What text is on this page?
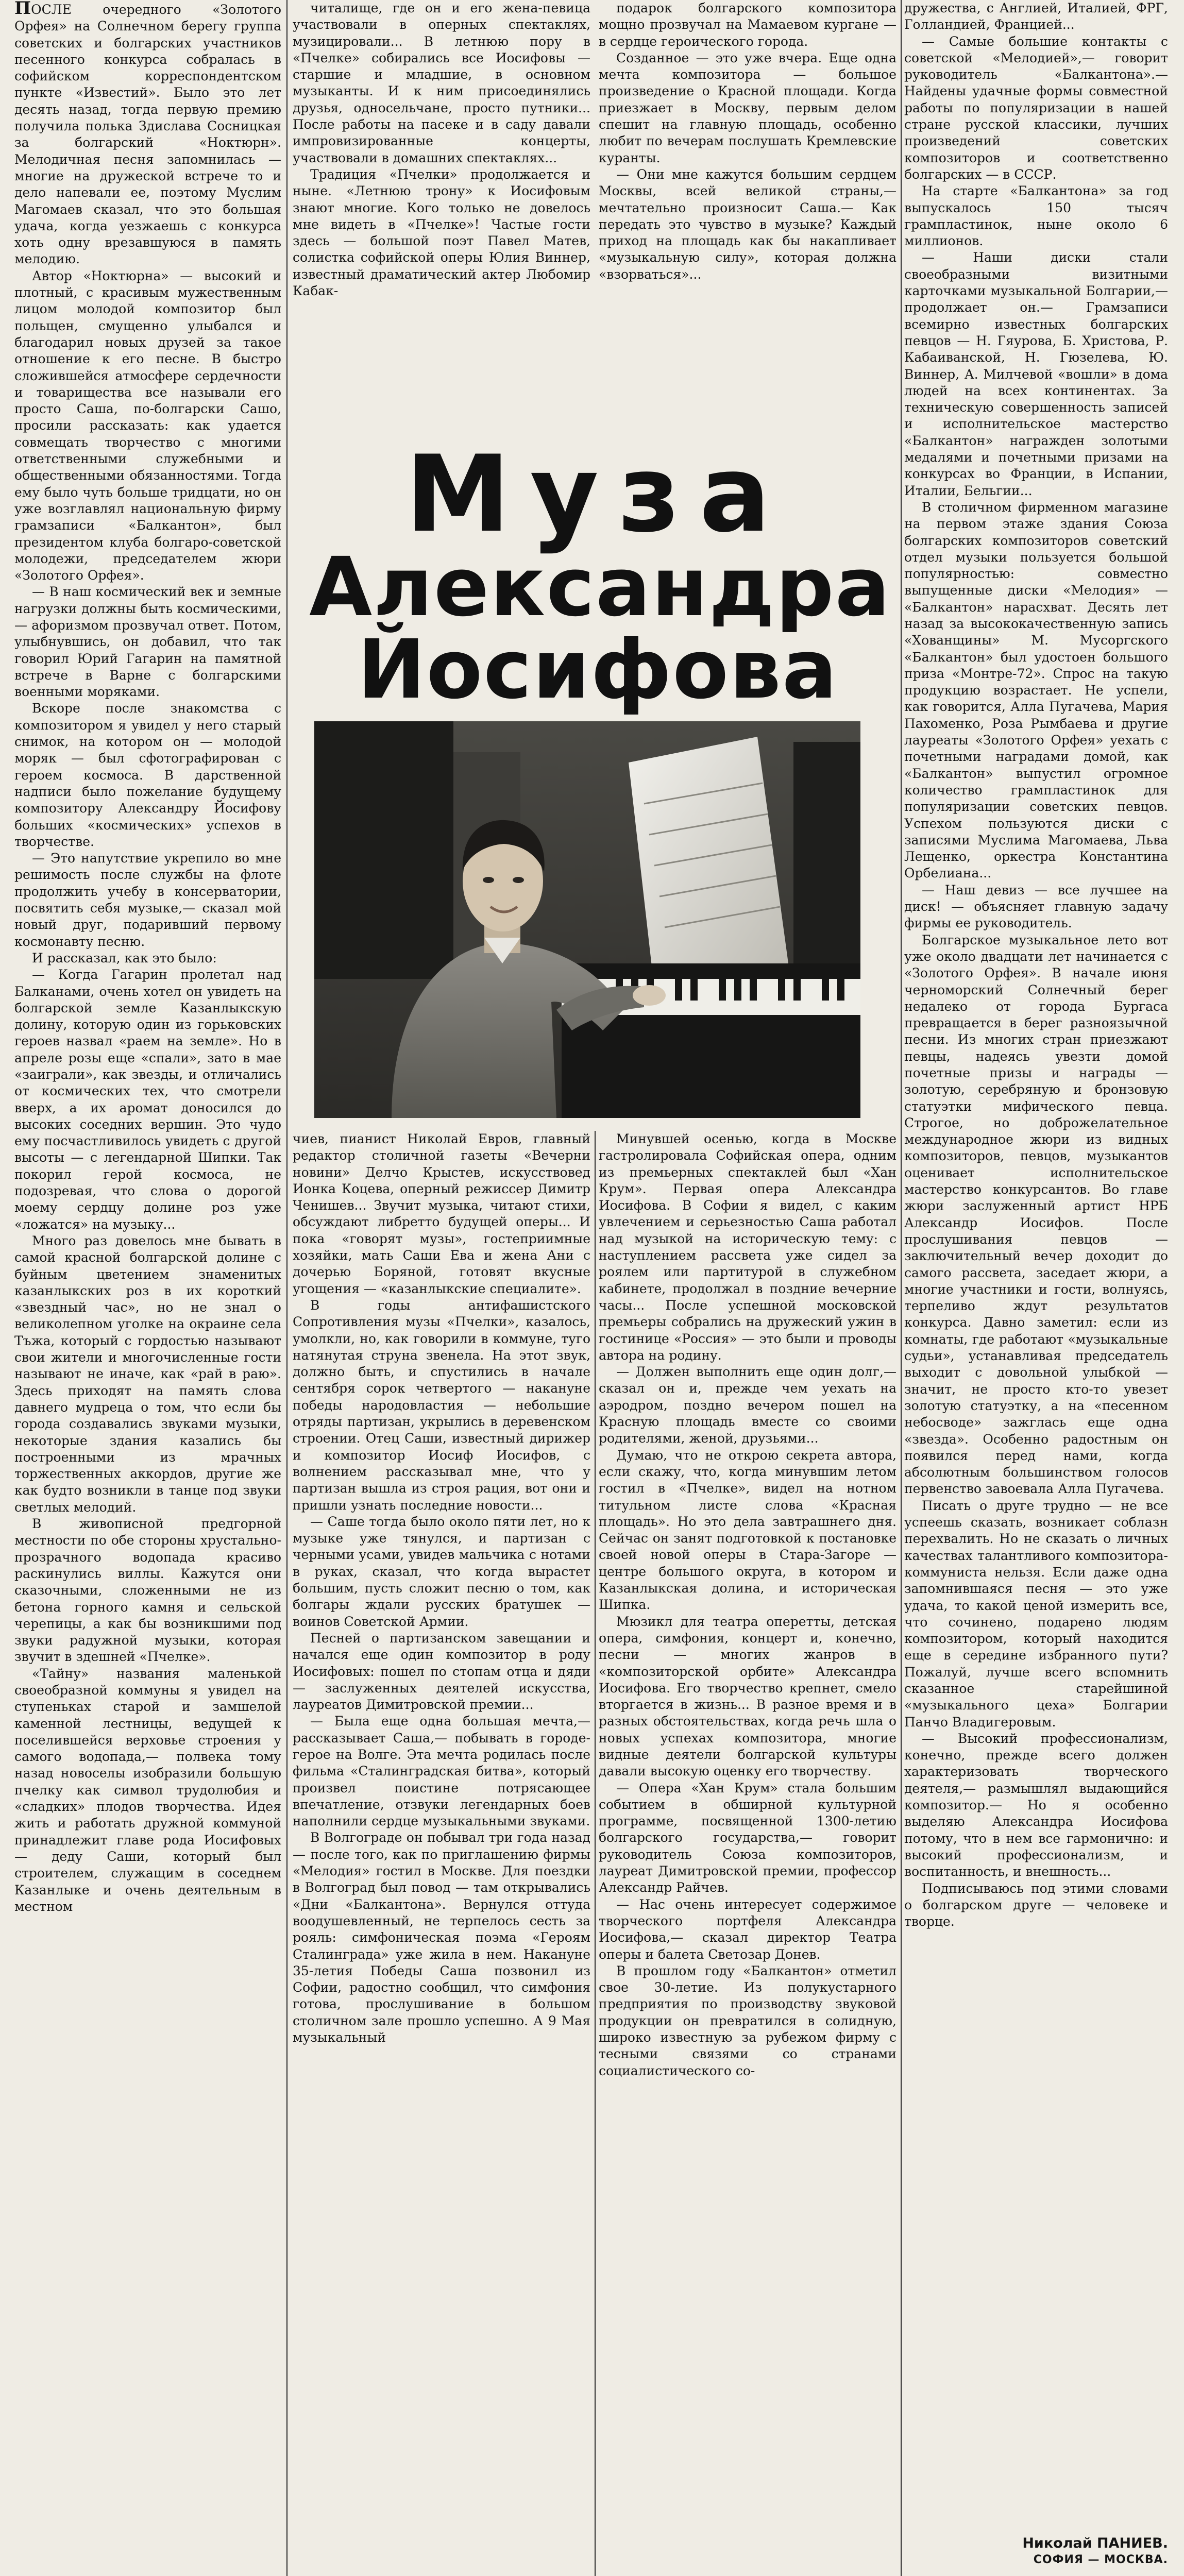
ПОСЛЕ очередного «Золотого Орфея» на Солнечном берегу группа советских и болгарских участников песенного конкурса собралась в софийском корреспондентском пункте «Известий». Было это лет десять назад, тогда первую премию получила полька Здислава Сосницкая за болгарский «Ноктюрн». Мелодичная песня запомнилась — многие на дружеской встрече то и дело напевали ее, поэтому Муслим Магомаев сказал, что это большая удача, когда уезжаешь с конкурса хоть одну врезавшуюся в память мелодию.

Автор «Ноктюрна» — высокий и плотный, с красивым мужественным лицом молодой композитор был польщен, смущенно улыбался и благодарил новых друзей за такое отношение к его песне. В быстро сложившейся атмосфере сердечности и товарищества все называли его просто Саша, по-болгарски Сашо, просили рассказать: как удается совмещать творчество с многими ответственными служебными и общественными обязанностями. Тогда ему было чуть больше тридцати, но он уже возглавлял национальную фирму грамзаписи «Балкантон», был президентом клуба болгаро-советской молодежи, председателем жюри «Золотого Орфея».

— В наш космический век и земные нагрузки должны быть космическими,— афоризмом прозвучал ответ. Потом, улыбнувшись, он добавил, что так говорил Юрий Гагарин на памятной встрече в Варне с болгарскими военными моряками.

Вскоре после знакомства с композитором я увидел у него старый снимок, на котором он — молодой моряк — был сфотографирован с героем космоса. В дарственной надписи было пожелание будущему композитору Александру Йосифову больших «космических» успехов в творчестве.

— Это напутствие укрепило во мне решимость после службы на флоте продолжить учебу в консерватории, посвятить себя музыке,— сказал мой новый друг, подаривший первому космонавту песню.

И рассказал, как это было:

— Когда Гагарин пролетал над Балканами, очень хотел он увидеть на болгарской земле Казанлыкскую долину, которую один из горьковских героев назвал «раем на земле». Но в апреле розы еще «спали», зато в мае «заиграли», как звезды, и отличались от космических тех, что смотрели вверх, а их аромат доносился до высоких соседних вершин. Это чудо ему посчастливилось увидеть с другой высоты — с легендарной Шипки. Так покорил герой космоса, не подозревая, что слова о дорогой моему сердцу долине роз уже «ложатся» на музыку...

Много раз довелось мне бывать в самой красной болгарской долине с буйным цветением знаменитых казанлыкских роз в их короткий «звездный час», но не знал о великолепном уголке на окраине села Тъжа, который с гордостью называют свои жители и многочисленные гости называют не иначе, как «рай в раю». Здесь приходят на память слова давнего мудреца о том, что если бы города создавались звуками музыки, некоторые здания казались бы построенными из мрачных торжественных аккордов, другие же как будто возникли в танце под звуки светлых мелодий.

В живописной предгорной местности по обе стороны хрустально-прозрачного водопада красиво раскинулись виллы. Кажутся они сказочными, сложенными не из бетона горного камня и сельской черепицы, а как бы возникшими под звуки радужной музыки, которая звучит в здешней «Пчелке».

«Тайну» названия маленькой своеобразной коммуны я увидел на ступеньках старой и замшелой каменной лестницы, ведущей к поселившейся верховье строения у самого водопада,— полвека тому назад новоселы изобразили большую пчелку как символ трудолюбия и «сладких» плодов творчества. Идея жить и работать дружной коммуной принадлежит главе рода Иосифовых — деду Саши, который был строителем, служащим в соседнем Казанлыке и очень деятельным в местном

читалище, где он и его жена-певица участвовали в оперных спектаклях, музицировали... В летнюю пору в «Пчелке» собирались все Иосифовы — старшие и младшие, в основном музыканты. И к ним присоединялись друзья, односельчане, просто путники... После работы на пасеке и в саду давали импровизированные концерты, участвовали в домашних спектаклях...

Традиция «Пчелки» продолжается и ныне. «Летнюю трону» к Иосифовым знают многие. Кого только не довелось мне видеть в «Пчелке»! Частые гости здесь — большой поэт Павел Матев, солистка софийской оперы Юлия Виннер, известный драматический актер Любомир Кабак-

подарок болгарского композитора мощно прозвучал на Мамаевом кургане — в сердце героического города.

Созданное — это уже вчера. Еще одна мечта композитора — большое произведение о Красной площади. Когда приезжает в Москву, первым делом спешит на главную площадь, особенно любит по вечерам послушать Кремлевские куранты.

— Они мне кажутся большим сердцем Москвы, всей великой страны,— мечтательно произносит Саша.— Как передать это чувство в музыке? Каждый приход на площадь как бы накапливает «музыкальную силу», которая должна «взорваться»...

Муза
Александра Йосифова

чиев, пианист Николай Евров, главный редактор столичной газеты «Вечерни новини» Делчо Крыстев, искусствовед Ионка Коцева, оперный режиссер Димитр Ченишев... Звучит музыка, читают стихи, обсуждают либретто будущей оперы... И пока «говорят музы», гостеприимные хозяйки, мать Саши Ева и жена Ани с дочерью Боряной, готовят вкусные угощения — «казанлыкские специалите».

В годы антифашистского Сопротивления музы «Пчелки», казалось, умолкли, но, как говорили в коммуне, туго натянутая струна звенела. На этот звук, должно быть, и спустились в начале сентября сорок четвертого — накануне победы народовластия — небольшие отряды партизан, укрылись в деревенском строении. Отец Саши, известный дирижер и композитор Иосиф Иосифов, с волнением рассказывал мне, что у партизан вышла из строя рация, вот они и пришли узнать последние новости...

— Саше тогда было около пяти лет, но к музыке уже тянулся, и партизан с черными усами, увидев мальчика с нотами в руках, сказал, что когда вырастет большим, пусть сложит песню о том, как болгары ждали русских братушек — воинов Советской Армии.

Песней о партизанском завещании и начался еще один композитор в роду Иосифовых: пошел по стопам отца и дяди — заслуженных деятелей искусства, лауреатов Димитровской премии...

— Была еще одна большая мечта,— рассказывает Саша,— побывать в городе-герое на Волге. Эта мечта родилась после фильма «Сталинградская битва», который произвел поистине потрясающее впечатление, отзвуки легендарных боев наполнили сердце музыкальными звуками.

В Волгограде он побывал три года назад — после того, как по приглашению фирмы «Мелодия» гостил в Москве. Для поездки в Волгоград был повод — там открывались «Дни «Балкантона». Вернулся оттуда воодушевленный, не терпелось сесть за рояль: симфоническая поэма «Героям Сталинграда» уже жила в нем. Накануне 35-летия Победы Саша позвонил из Софии, радостно сообщил, что симфония готова, прослушивание в большом столичном зале прошло успешно. А 9 Мая музыкальный

Минувшей осенью, когда в Москве гастролировала Софийская опера, одним из премьерных спектаклей был «Хан Крум». Первая опера Александра Иосифова. В Софии я видел, с каким увлечением и серьезностью Саша работал над музыкой на историческую тему: с наступлением рассвета уже сидел за роялем или партитурой в служебном кабинете, продолжал в поздние вечерние часы... После успешной московской премьеры собрались на дружеский ужин в гостинице «Россия» — это были и проводы автора на родину.

— Должен выполнить еще один долг,— сказал он и, прежде чем уехать на аэродром, поздно вечером пошел на Красную площадь вместе со своими родителями, женой, друзьями...

Думаю, что не открою секрета автора, если скажу, что, когда минувшим летом гостил в «Пчелке», видел на нотном титульном листе слова «Красная площадь». Но это дела завтрашнего дня. Сейчас он занят подготовкой к постановке своей новой оперы в Стара-Загоре — центре большого округа, в котором и Казанлыкская долина, и историческая Шипка.

Мюзикл для театра оперетты, детская опера, симфония, концерт и, конечно, песни — многих жанров в «композиторской орбите» Александра Иосифова. Его творчество крепнет, смело вторгается в жизнь... В разное время и в разных обстоятельствах, когда речь шла о новых успехах композитора, многие видные деятели болгарской культуры давали высокую оценку его творчеству.

— Опера «Хан Крум» стала большим событием в обширной культурной программе, посвященной 1300-летию болгарского государства,— говорит руководитель Союза композиторов, лауреат Димитровской премии, профессор Александр Райчев.

— Нас очень интересует содержимое творческого портфеля Александра Иосифова,— сказал директор Театра оперы и балета Светозар Донев.

В прошлом году «Балкантон» отметил свое 30-летие. Из полукустарного предприятия по производству звуковой продукции он превратился в солидную, широко известную за рубежом фирму с тесными связями со странами социалистического со-

дружества, с Англией, Италией, ФРГ, Голландией, Францией...

— Самые большие контакты с советской «Мелодией»,— говорит руководитель «Балкантона».— Найдены удачные формы совместной работы по популяризации в нашей стране русской классики, лучших произведений советских композиторов и соответственно болгарских — в СССР.

На старте «Балкантона» за год выпускалось 150 тысяч грампластинок, ныне около 6 миллионов.

— Наши диски стали своеобразными визитными карточками музыкальной Болгарии,— продолжает он.— Грамзаписи всемирно известных болгарских певцов — Н. Гяурова, Б. Христова, Р. Кабаиванской, Н. Гюзелева, Ю. Виннер, А. Милчевой «вошли» в дома людей на всех континентах. За техническую совершенность записей и исполнительское мастерство «Балкантон» награжден золотыми медалями и почетными призами на конкурсах во Франции, в Испании, Италии, Бельгии...

В столичном фирменном магазине на первом этаже здания Союза болгарских композиторов советский отдел музыки пользуется большой популярностью: совместно выпущенные диски «Мелодия» — «Балкантон» нарасхват. Десять лет назад за высококачественную запись «Хованщины» М. Мусоргского «Балкантон» был удостоен большого приза «Монтре-72». Спрос на такую продукцию возрастает. Не успели, как говорится, Алла Пугачева, Мария Пахоменко, Роза Рымбаева и другие лауреаты «Золотого Орфея» уехать с почетными наградами домой, как «Балкантон» выпустил огромное количество грампластинок для популяризации советских певцов. Успехом пользуются диски с записями Муслима Магомаева, Льва Лещенко, оркестра Константина Орбелиана...

— Наш девиз — все лучшее на диск! — объясняет главную задачу фирмы ее руководитель.

Болгарское музыкальное лето вот уже около двадцати лет начинается с «Золотого Орфея». В начале июня черноморский Солнечный берег недалеко от города Бургаса превращается в берег разноязычной песни. Из многих стран приезжают певцы, надеясь увезти домой почетные призы и награды — золотую, серебряную и бронзовую статуэтки мифического певца. Строгое, но доброжелательное международное жюри из видных композиторов, певцов, музыкантов оценивает исполнительское мастерство конкурсантов. Во главе жюри заслуженный артист НРБ Александр Иосифов. После прослушивания певцов — заключительный вечер доходит до самого рассвета, заседает жюри, а многие участники и гости, волнуясь, терпеливо ждут результатов конкурса. Давно заметил: если из комнаты, где работают «музыкальные судьи», устанавливая председатель выходит с довольной улыбкой — значит, не просто кто-то увезет золотую статуэтку, а на «песенном небосводе» зажглась еще одна «звезда». Особенно радостным он появился перед нами, когда абсолютным большинством голосов первенство завоевала Алла Пугачева.

Писать о друге трудно — не все успеешь сказать, возникает соблазн перехвалить. Но не сказать о личных качествах талантливого композитора-коммуниста нельзя. Если даже одна запомнившаяся песня — это уже удача, то какой ценой измерить все, что сочинено, подарено людям композитором, который находится еще в середине избранного пути? Пожалуй, лучше всего вспомнить сказанное старейшиной «музыкального цеха» Болгарии Панчо Владигеровым.

— Высокий профессионализм, конечно, прежде всего должен характеризовать творческого деятеля,— размышлял выдающийся композитор.— Но я особенно выделяю Александра Иосифова потому, что в нем все гармонично: и высокий профессионализм, и воспитанность, и внешность...

Подписываюсь под этими словами о болгарском друге — человеке и творце.

Николай ПАНИЕВ.
СОФИЯ — МОСКВА.
